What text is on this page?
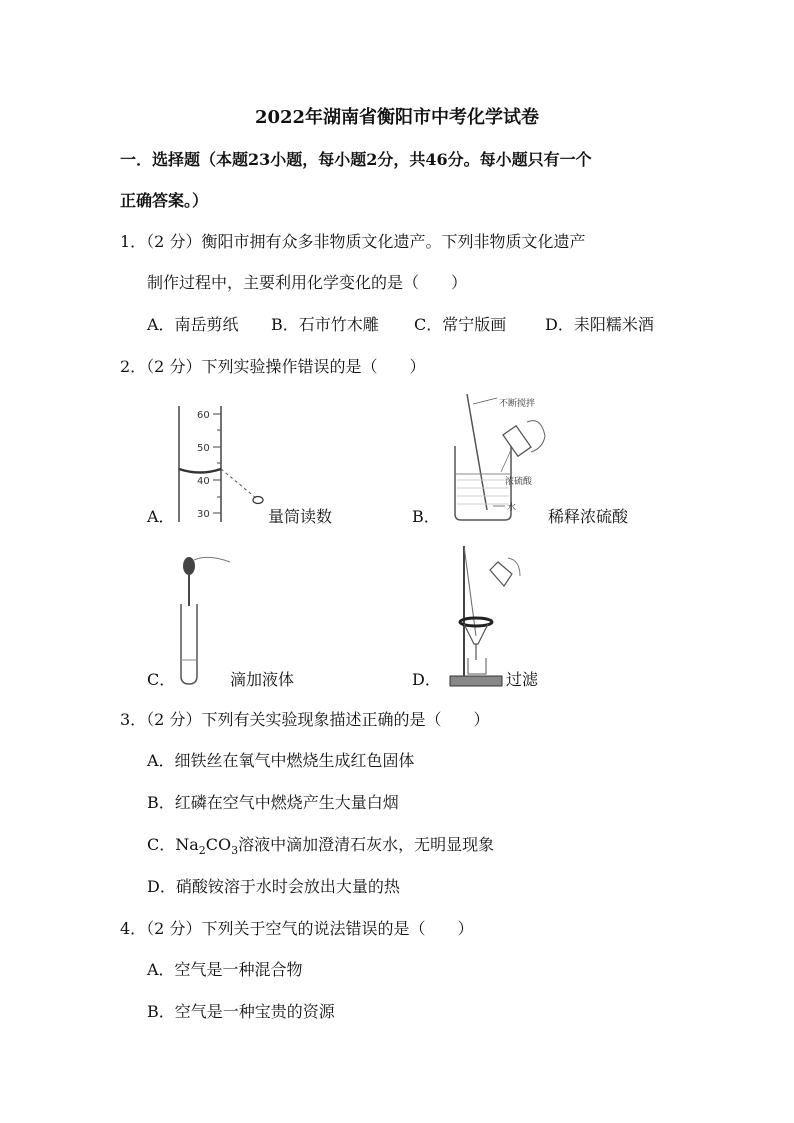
2022年湖南省衡阳市中考化学试卷
一．选择题（本题23小题，每小题2分，共46分。每小题只有一个
正确答案。）
1．（2 分）衡阳市拥有众多非物质文化遗产。下列非物质文化遗产
制作过程中，主要利用化学变化的是（　　）
A．南岳剪纸 B．石市竹木雕 C．常宁版画 D．耒阳糯米酒
2．（2 分）下列实验操作错误的是（　　）
60
50
40
30
A．	量筒读数
不断搅拌
浓硫酸
水
B．	稀释浓硫酸
C．	滴加液体	D．	过滤
3．（2 分）下列有关实验现象描述正确的是（　　）
A．细铁丝在氧气中燃烧生成红色固体
B．红磷在空气中燃烧产生大量白烟
C．$Na_2CO_3$溶液中滴加澄清石灰水，无明显现象
D．硝酸铵溶于水时会放出大量的热
4．（2 分）下列关于空气的说法错误的是（　　）
A．空气是一种混合物
B．空气是一种宝贵的资源
